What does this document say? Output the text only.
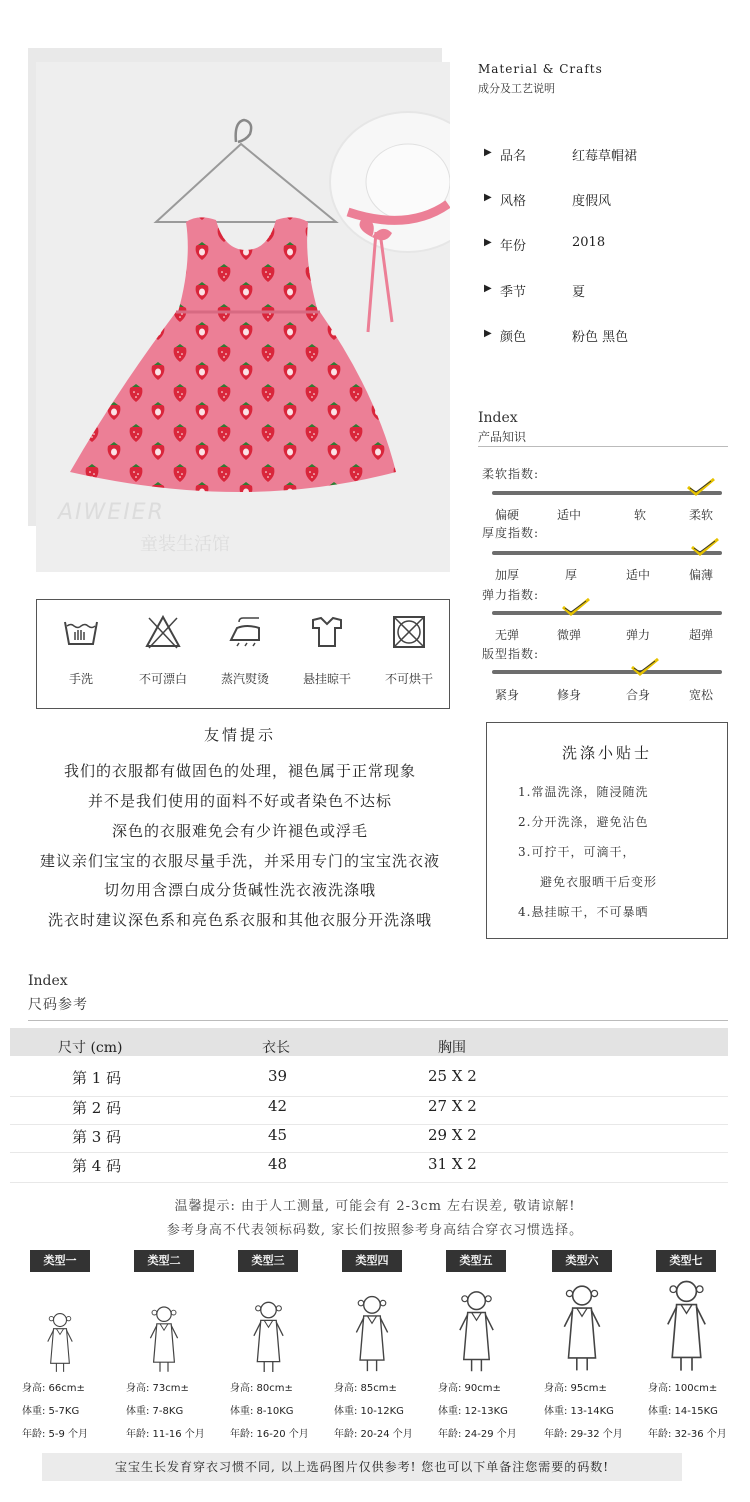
AIWEIER
童装生活馆
Material & Crafts
成分及工艺说明
▶ 品名	红莓草帽裙
▶ 风格	度假风
▶ 年份	2018
▶ 季节	夏
▶ 颜色	粉色 黑色
Index
产品知识
柔软指数:
偏硬	适中	软	柔软
厚度指数:
加厚	厚	适中	偏薄
弹力指数:
无弹	微弹	弹力	超弹
版型指数:
紧身	修身	合身	宽松
手洗	不可漂白	蒸汽熨烫	悬挂晾干	不可烘干
友情提示
我们的衣服都有做固色的处理，褪色属于正常现象
并不是我们使用的面料不好或者染色不达标
深色的衣服难免会有少许褪色或浮毛
建议亲们宝宝的衣服尽量手洗，并采用专门的宝宝洗衣液
切勿用含漂白成分货碱性洗衣液洗涤哦
洗衣时建议深色系和亮色系衣服和其他衣服分开洗涤哦
洗涤小贴士
1.常温洗涤，随浸随洗
2.分开洗涤，避免沾色
3.可拧干，可滴干，
避免衣服晒干后变形
4.悬挂晾干，不可暴晒
Index
尺码参考
尺寸 (cm)	衣长	胸围
第 1 码	39	25 X 2
第 2 码	42	27 X 2
第 3 码	45	29 X 2
第 4 码	48	31 X 2
温馨提示: 由于人工测量, 可能会有 2-3cm 左右误差, 敬请谅解!
参考身高不代表领标码数, 家长们按照参考身高结合穿衣习惯选择。
类型一
身高: 66cm±
体重: 5-7KG
年龄: 5-9 个月
类型二
身高: 73cm±
体重: 7-8KG
年龄: 11-16 个月
类型三
身高: 80cm±
体重: 8-10KG
年龄: 16-20 个月
类型四
身高: 85cm±
体重: 10-12KG
年龄: 20-24 个月
类型五
身高: 90cm±
体重: 12-13KG
年龄: 24-29 个月
类型六
身高: 95cm±
体重: 13-14KG
年龄: 29-32 个月
类型七
身高: 100cm±
体重: 14-15KG
年龄: 32-36 个月
宝宝生长发育穿衣习惯不同, 以上选码图片仅供参考! 您也可以下单备注您需要的码数!
